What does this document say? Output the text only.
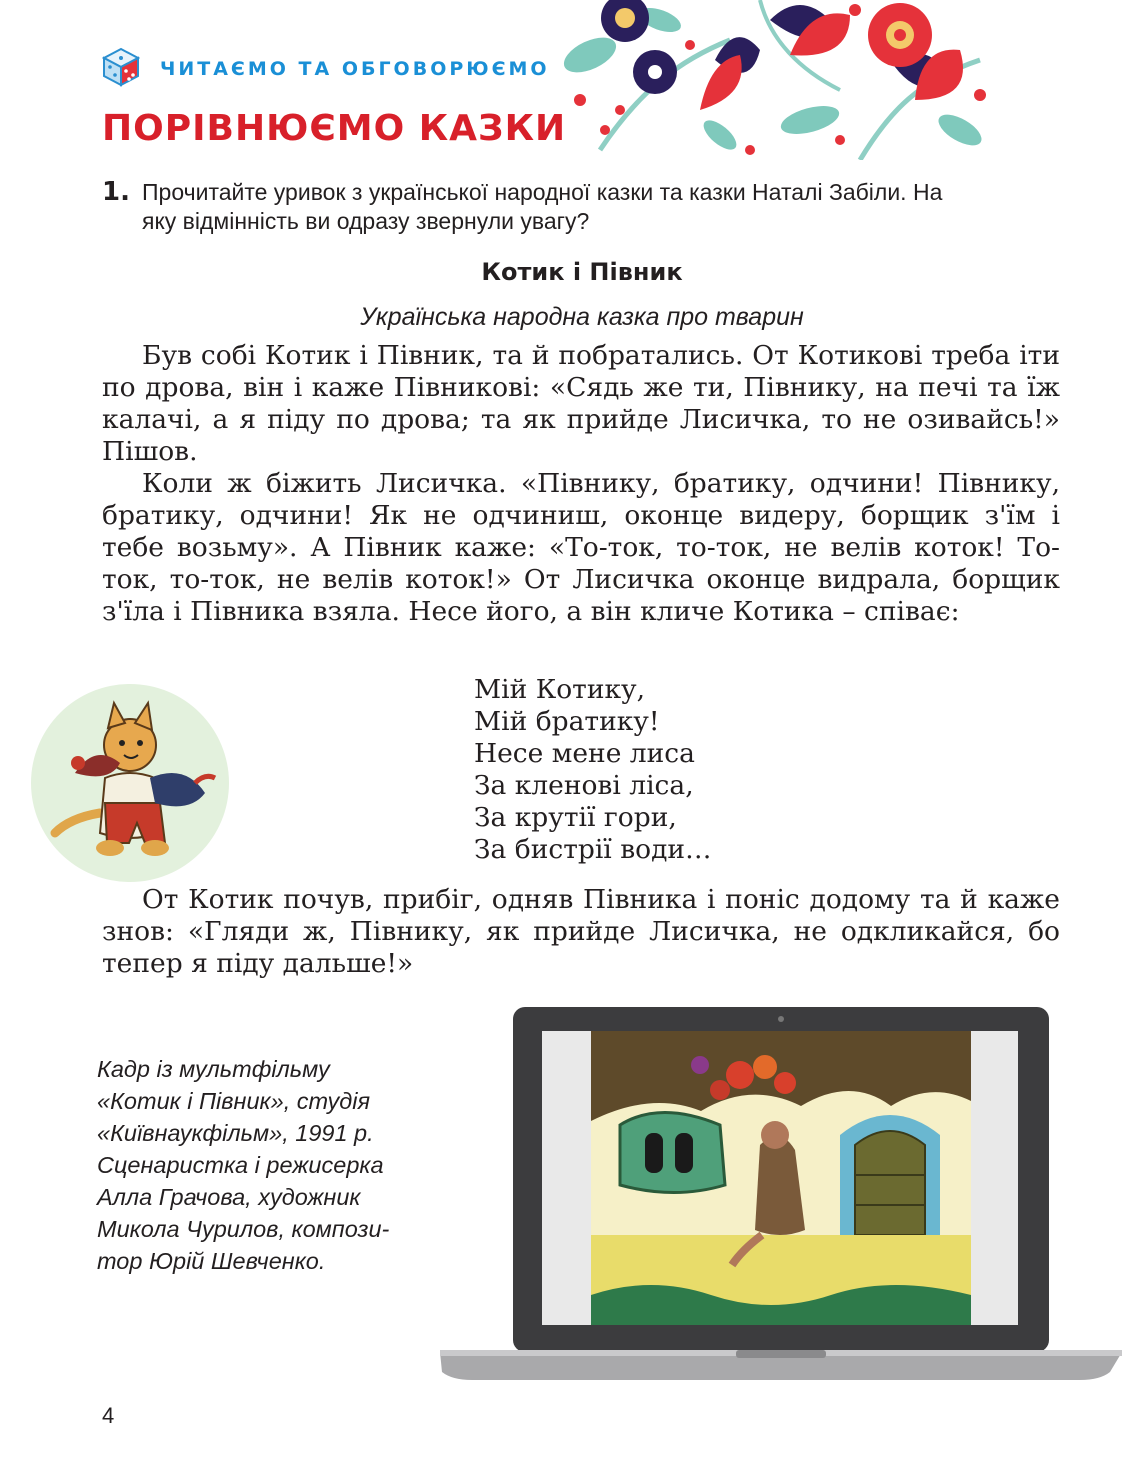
ЧИТАЄМО ТА ОБГОВОРЮЄМО
ПОРІВНЮЄМО КАЗКИ
1. Прочитайте уривок з української народної казки та казки Наталі Забіли. На яку відмінність ви одразу звернули увагу?
Котик і Півник
Українська народна казка про тварин

Був собі Котик і Півник, та й побратались. От Котикові треба іти по дрова, він і каже Півникові: «Сядь же ти, Півнику, на печі та їж калачі, а я піду по дрова; та як прийде Лисичка, то не озивайсь!» Пішов.

Коли ж біжить Лисичка. «Півнику, братику, одчини! Півнику, братику, одчини! Як не одчиниш, оконце видеру, борщик з'їм і тебе возьму». А Півник каже: «То-ток, то-ток, не велів коток! То-ток, то-ток, не велів коток!» От Лисичка оконце видрала, борщик з'їла і Півника взяла. Несе його, а він кличе Котика – співає:

Мій Котику,

Мій братику!

Несе мене лиса

За кленові ліса,

За крутії гори,

За бистрії води…

От Котик почув, прибіг, одняв Півника і поніс додому та й каже знов: «Гляди ж, Півнику, як прийде Лисичка, не одкликайся, бо тепер я піду дальше!»

Кадр із мультфільму
«Котик і Півник», студія
«Київнаукфільм», 1991 р.
Сценаристка і режисерка
Алла Грачова, художник
Микола Чурилов, компози-
тор Юрій Шевченко.
4
